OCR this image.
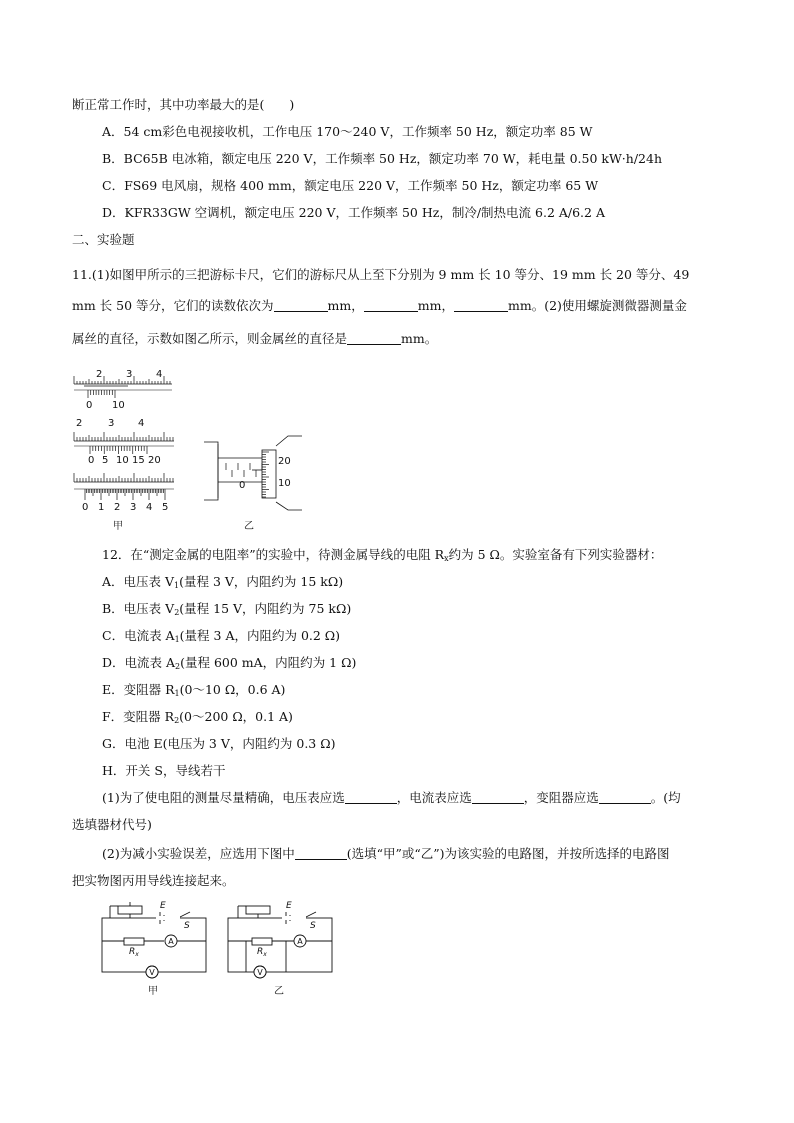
断正常工作时，其中功率最大的是(　　)
A．54 cm彩色电视接收机，工作电压 170～240 V，工作频率 50 Hz，额定功率 85 W
B．BC65B 电冰箱，额定电压 220 V，工作频率 50 Hz，额定功率 70 W，耗电量 0.50 kW·h/24h
C．FS69 电风扇，规格 400 mm，额定电压 220 V，工作频率 50 Hz，额定功率 65 W
D．KFR33GW 空调机，额定电压 220 V，工作频率 50 Hz，制冷/制热电流 6.2 A/6.2 A
二、实验题
11.(1)如图甲所示的三把游标卡尺，它们的游标尺从上至下分别为 9 mm 长 10 等分、19 mm 长 20 等分、49
mm 长 50 等分，它们的读数依次为	mm，	mm，	mm。(2)使用螺旋测微器测量金
属丝的直径，示数如图乙所示，则金属丝的直径是	mm。
2 3 4
0 10
2	3 4
0 5 10 15 20
0 1 2 3 4 5
甲	乙
0
20
10
12．在“测定金属的电阻率”的实验中，待测金属导线的电阻 $R_x$约为 5 Ω。实验室备有下列实验器材：
A．电压表 $V_1$(量程 3 V，内阻约为 15 kΩ)
B．电压表 $V_2$(量程 15 V，内阻约为 75 kΩ)
C．电流表 $A_1$(量程 3 A，内阻约为 0.2 Ω)
D．电流表 $A_2$(量程 600 mA，内阻约为 1 Ω)
E．变阻器 $R_1(0\sim 10$ Ω，0.6 A)
F．变阻器 $R_2(0\sim 200$ Ω，0.1 A)
G．电池 E(电压为 3 V，内阻约为 0.3 Ω)
H．开关 S，导线若干
(1)为了使电阻的测量尽量精确，电压表应选	，电流表应选	，变阻器应选	。(均
选填器材代号)
(2)为减小实验误差，应选用下图中	(选填“甲”或“乙”)为该实验的电路图，并按所选择的电路图
把实物图丙用导线连接起来。
E
S
$R_x$
E
S
$R_x$
A
V
A
V
甲	乙
